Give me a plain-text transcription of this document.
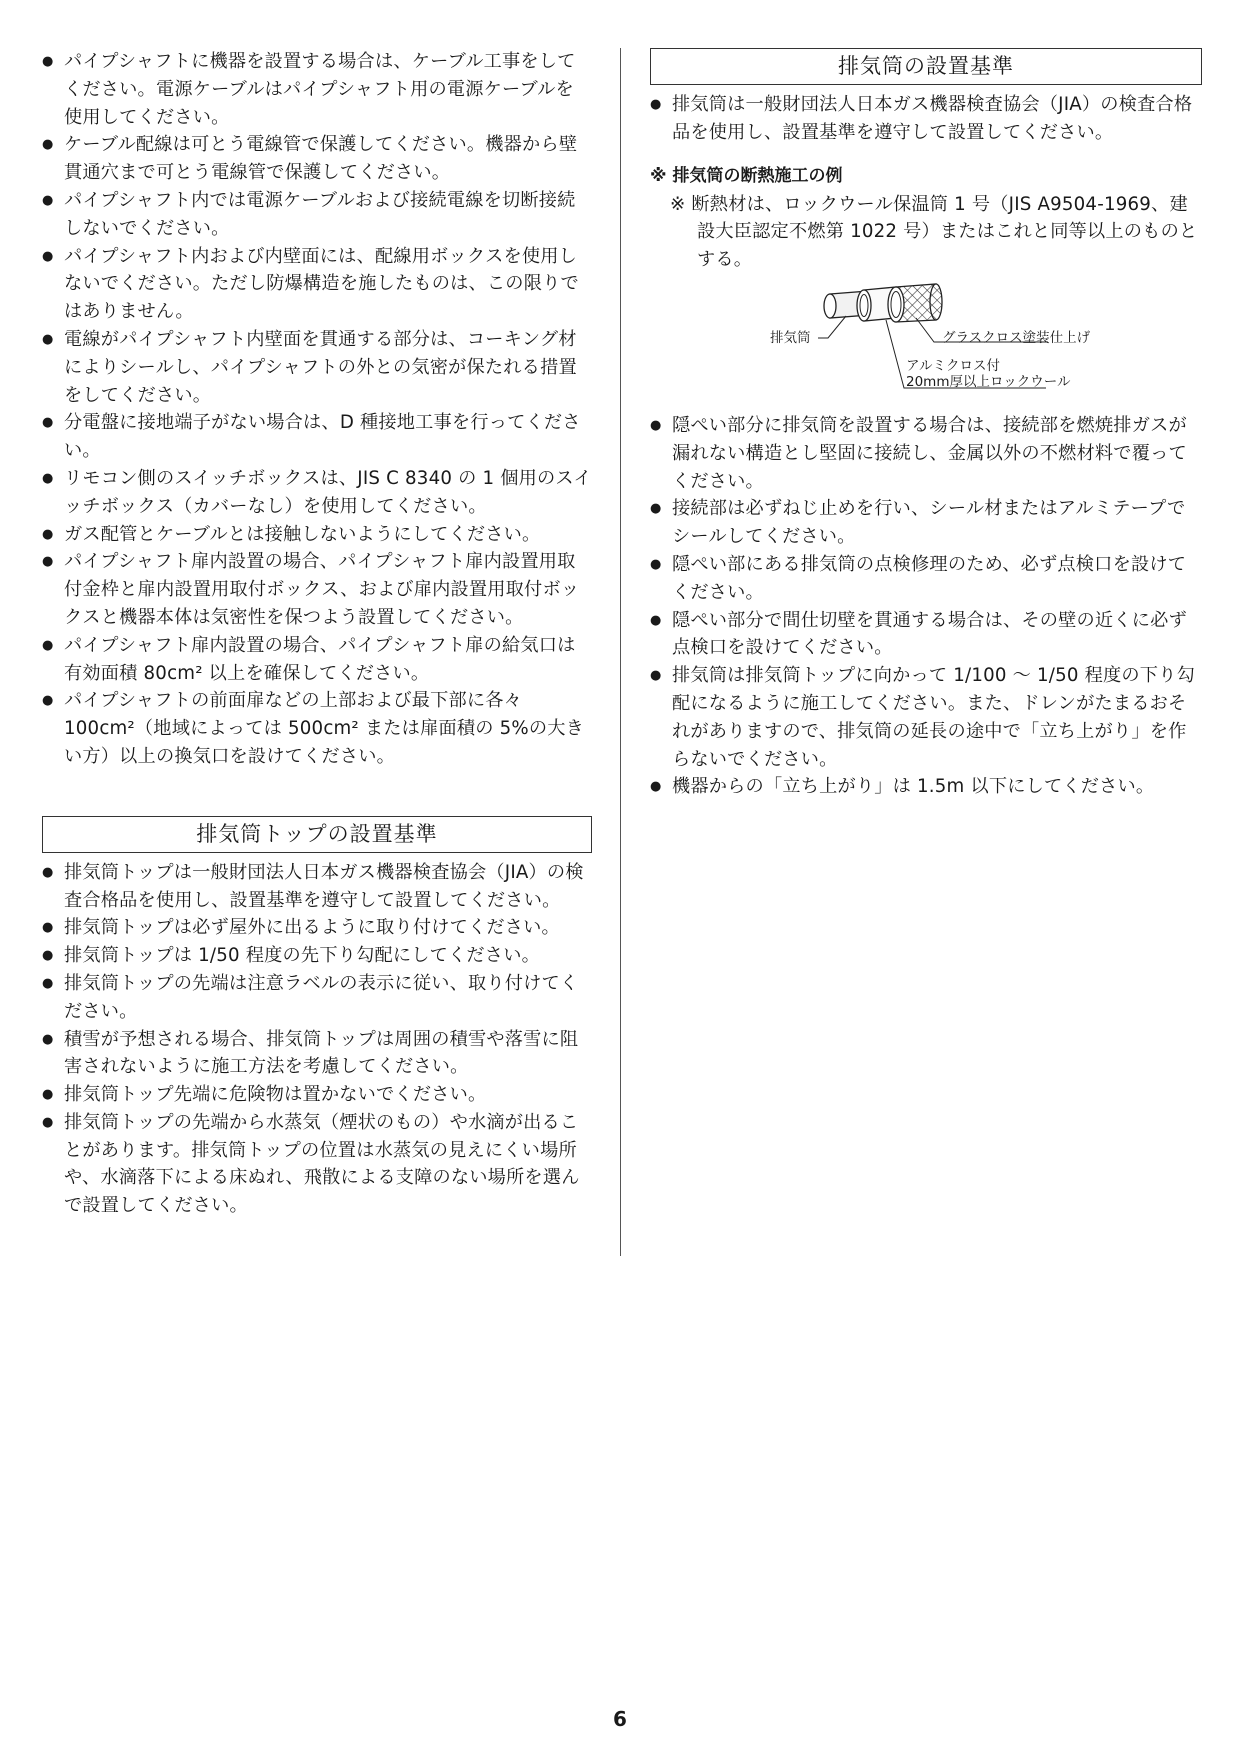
● パイプシャフトに機器を設置する場合は、ケーブル工事をしてください。電源ケーブルはパイプシャフト用の電源ケーブルを使用してください。
● ケーブル配線は可とう電線管で保護してください。機器から壁貫通穴まで可とう電線管で保護してください。
● パイプシャフト内では電源ケーブルおよび接続電線を切断接続しないでください。
● パイプシャフト内および内壁面には、配線用ボックスを使用しないでください。ただし防爆構造を施したものは、この限りではありません。
● 電線がパイプシャフト内壁面を貫通する部分は、コーキング材によりシールし、パイプシャフトの外との気密が保たれる措置をしてください。
● 分電盤に接地端子がない場合は、D 種接地工事を行ってください。
● リモコン側のスイッチボックスは、JIS C 8340 の 1 個用のスイッチボックス（カバーなし）を使用してください。
● ガス配管とケーブルとは接触しないようにしてください。
● パイプシャフト扉内設置の場合、パイプシャフト扉内設置用取付金枠と扉内設置用取付ボックス、および扉内設置用取付ボックスと機器本体は気密性を保つよう設置してください。
● パイプシャフト扉内設置の場合、パイプシャフト扉の給気口は有効面積 80cm² 以上を確保してください。
● パイプシャフトの前面扉などの上部および最下部に各々 100cm²（地域によっては 500cm² または扉面積の 5%の大きい方）以上の換気口を設けてください。
排気筒トップの設置基準
● 排気筒トップは一般財団法人日本ガス機器検査協会（JIA）の検査合格品を使用し、設置基準を遵守して設置してください。
● 排気筒トップは必ず屋外に出るように取り付けてください。
● 排気筒トップは 1/50 程度の先下り勾配にしてください。
● 排気筒トップの先端は注意ラベルの表示に従い、取り付けてください。
● 積雪が予想される場合、排気筒トップは周囲の積雪や落雪に阻害されないように施工方法を考慮してください。
● 排気筒トップ先端に危険物は置かないでください。
● 排気筒トップの先端から水蒸気（煙状のもの）や水滴が出ることがあります。排気筒トップの位置は水蒸気の見えにくい場所や、水滴落下による床ぬれ、飛散による支障のない場所を選んで設置してください。
排気筒の設置基準
● 排気筒は一般財団法人日本ガス機器検査協会（JIA）の検査合格品を使用し、設置基準を遵守して設置してください。
※ 排気筒の断熱施工の例
※ 断熱材は、ロックウール保温筒 1 号（JIS A9504-1969、建設大臣認定不燃第 1022 号）またはこれと同等以上のものとする。
排気筒	グラスクロス塗装仕上げ
アルミクロス付
20mm厚以上ロックウール
● 隠ぺい部分に排気筒を設置する場合は、接続部を燃焼排ガスが漏れない構造とし堅固に接続し、金属以外の不燃材料で覆ってください。
● 接続部は必ずねじ止めを行い、シール材またはアルミテープでシールしてください。
● 隠ぺい部にある排気筒の点検修理のため、必ず点検口を設けてください。
● 隠ぺい部分で間仕切壁を貫通する場合は、その壁の近くに必ず点検口を設けてください。
● 排気筒は排気筒トップに向かって 1/100 ～ 1/50 程度の下り勾配になるように施工してください。また、ドレンがたまるおそれがありますので、排気筒の延長の途中で「立ち上がり」を作らないでください。
● 機器からの「立ち上がり」は 1.5m 以下にしてください。
6
